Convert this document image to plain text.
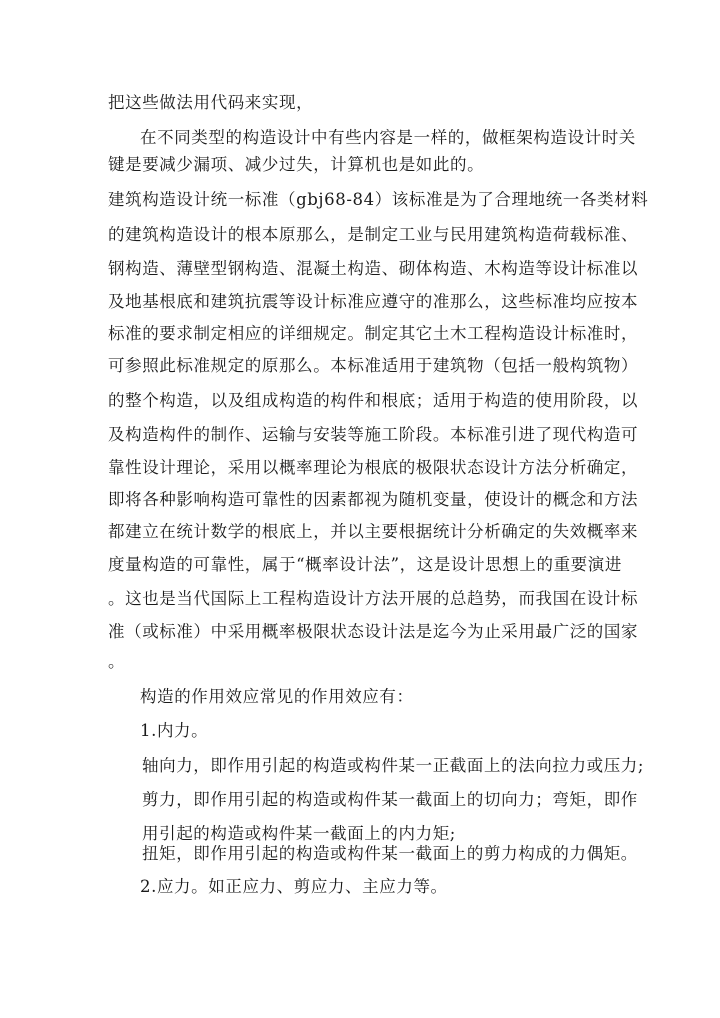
把这些做法用代码来实现，
在不同类型的构造设计中有些内容是一样的，做框架构造设计时关
键是要减少漏项、减少过失，计算机也是如此的。
建筑构造设计统一标准（gbj68-84）该标准是为了合理地统一各类材料
的建筑构造设计的根本原那么，是制定工业与民用建筑构造荷载标准、
钢构造、薄壁型钢构造、混凝土构造、砌体构造、木构造等设计标准以
及地基根底和建筑抗震等设计标准应遵守的准那么，这些标准均应按本
标准的要求制定相应的详细规定。制定其它土木工程构造设计标准时，
可参照此标准规定的原那么。本标准适用于建筑物（包括一般构筑物）
的整个构造，以及组成构造的构件和根底；适用于构造的使用阶段，以
及构造构件的制作、运输与安装等施工阶段。本标准引进了现代构造可
靠性设计理论，采用以概率理论为根底的极限状态设计方法分析确定，
即将各种影响构造可靠性的因素都视为随机变量，使设计的概念和方法
都建立在统计数学的根底上，并以主要根据统计分析确定的失效概率来
度量构造的可靠性，属于“概率设计法”，这是设计思想上的重要演进
。这也是当代国际上工程构造设计方法开展的总趋势，而我国在设计标
准（或标准）中采用概率极限状态设计法是迄今为止采用最广泛的国家
。
构造的作用效应常见的作用效应有：
1.内力。
轴向力，即作用引起的构造或构件某一正截面上的法向拉力或压力;
剪力，即作用引起的构造或构件某一截面上的切向力；弯矩，即作
用引起的构造或构件某一截面上的内力矩;
扭矩，即作用引起的构造或构件某一截面上的剪力构成的力偶矩。
2.应力。如正应力、剪应力、主应力等。
